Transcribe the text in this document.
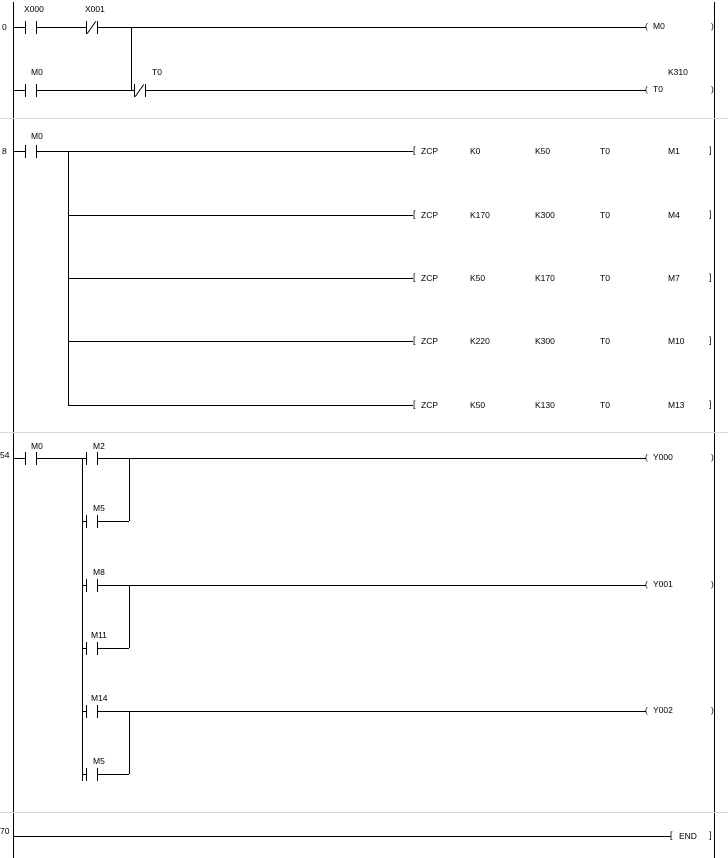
0
X000	X001
( M0	)
M0	T0	K310
( T0	)
8
M0
[ ZCP	K0	K50	T0	M1	]
[ ZCP	K170	K300	T0	M4	]
[ ZCP	K50	K170	T0	M7	]
[ ZCP	K220	K300	T0	M10	]
[ ZCP	K50	K130	T0	M13	]
54
M0	M2
M5
( Y000	)
M8
M11
( Y001	)
M14
M5
( Y002	)
70	[ END ]
